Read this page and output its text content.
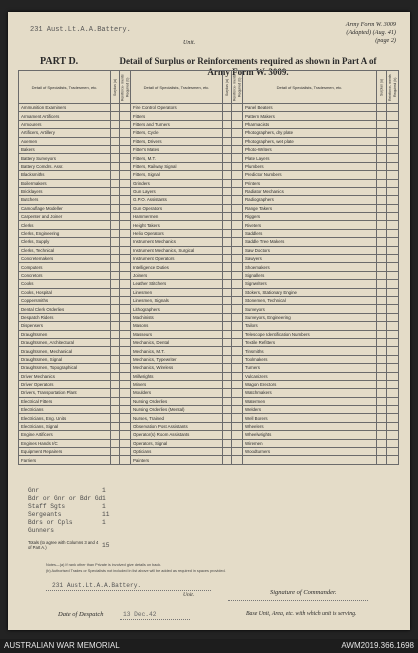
231 Aust.Lt.A.A.Battery.
Unit.
Army Form W. 3009
(Adapted) (Aug. 41)
(page 2)
PART D.	Detail of Surplus or Reinforcements required as shown in Part A of Army Form W. 3009.
Gnr	1
Bdr or Gnr or Bdr Gd 1
Staff Sgts	1
Sergeants	11
Bdrs or Cpls	1
Gunners
Totals (to agree with Columns 3 and 4 of Part A.)	15
Notes—(a) If rank other than Private is involved give details on back.
(b) Authorised Trades or Specialists not included in list above will be added as required in spaces provided.
231 Aust.Lt.A.A.Battery.
Unit.	Signature of Commander.
Date of Despatch	13 Dec.42	Base Unit, Area, etc. with which unit is serving.
Detail of Specialists, Tradesmen, etc.	Surplus (a)	Reinforce- ments Required (b)	Detail of Specialists, Tradesmen, etc.	Surplus (a)	Reinforce- ments Required (b)	Detail of Specialists, Tradesmen, etc.	Surplus (a)	Reinforce- ments Required (b)
Ammunition Examiners			Fire Control Operators			Panel Beaters		
Armament Artificers			Fitters			Pattern Makers		
Armourers			Fitters and Turners			Pharmacists		
Artificers, Artillery			Fitters, Cycle			Photographers, dry plate		
Axemen			Fitters, Drivers			Photographers, wet plate		
Bakers			Fitter's Mates			Photo-Writers		
Battery Surveyors			Fitters, M.T.			Plate Layers		
Battery Comdrs. Assr.			Fitters, Railway Signal			Plumbers		
Blacksmiths			Fitters, Signal			Predictor Numbers		
Boilermakers			Grinders			Printers		
Bricklayers			Gun Layers			Radiator Mechanics		
Butchers			G.P.O. Assistants			Radiographers		
Camouflage Modeller			Gun Operators			Range Takers		
Carpenter and Joiner			Hammermen			Riggers		
Clerks			Height Takers			Riveters		
Clerks, Engineering			Helio Operators			Saddlers		
Clerks, Supply			Instrument Mechanics			Saddle Tree Makers		
Clerks, Technical			Instrument Mechanics, Surgical			Saw Doctors		
Concretemakers			Instrument Operators			Sawyers		
Computers			Intelligence Duties			Shoemakers		
Concretors			Joiners			Signallers		
Cooks			Leather Stitchers			Signwriters		
Cooks, Hospital			Linesmen			Stokers, Stationary Engine		
Coppersmiths			Linesmen, Signals			Stonemen, Technical		
Dental Clerk Orderlies			Lithographers			Surveyors		
Despatch Riders			Machinists			Surveyors, Engineering		
Dispensers			Masons			Tailors		
Draughtsmen			Masseurs			Telescope Identification Numbers		
Draughtsmen, Architectural			Mechanics, Dental			Textile Refitters		
Draughtsmen, Mechanical			Mechanics, M.T.			Tinsmiths		
Draughtsmen, Signal			Mechanics, Typewriter			Toolmakers		
Draughtsmen, Topographical			Mechanics, Wireless			Turners		
Driver Mechanics			Millwrights			Vulcanizers		
Driver Operators			Miners			Wagon Erectors		
Drivers, Transportation Plant			Moulders			Watchmakers		
Electrical Fitters			Nursing Orderlies			Watermen		
Electricians			Nursing Orderlies (Mental)			Welders		
Electricians, Eng. Units			Nurses, Trained			Well Borers		
Electricians, Signal			Observation Post Assistants			Wheelers		
Engine Artificers			Operator(s) Room Assistants			Wheelwrights		
Engines Hands I/C			Operators, Signal			Wiremen		
Equipment Repairers			Opticians			Woodturners		
Farriers			Painters					
AUSTRALIAN WAR MEMORIAL	AWM2019.366.1698
